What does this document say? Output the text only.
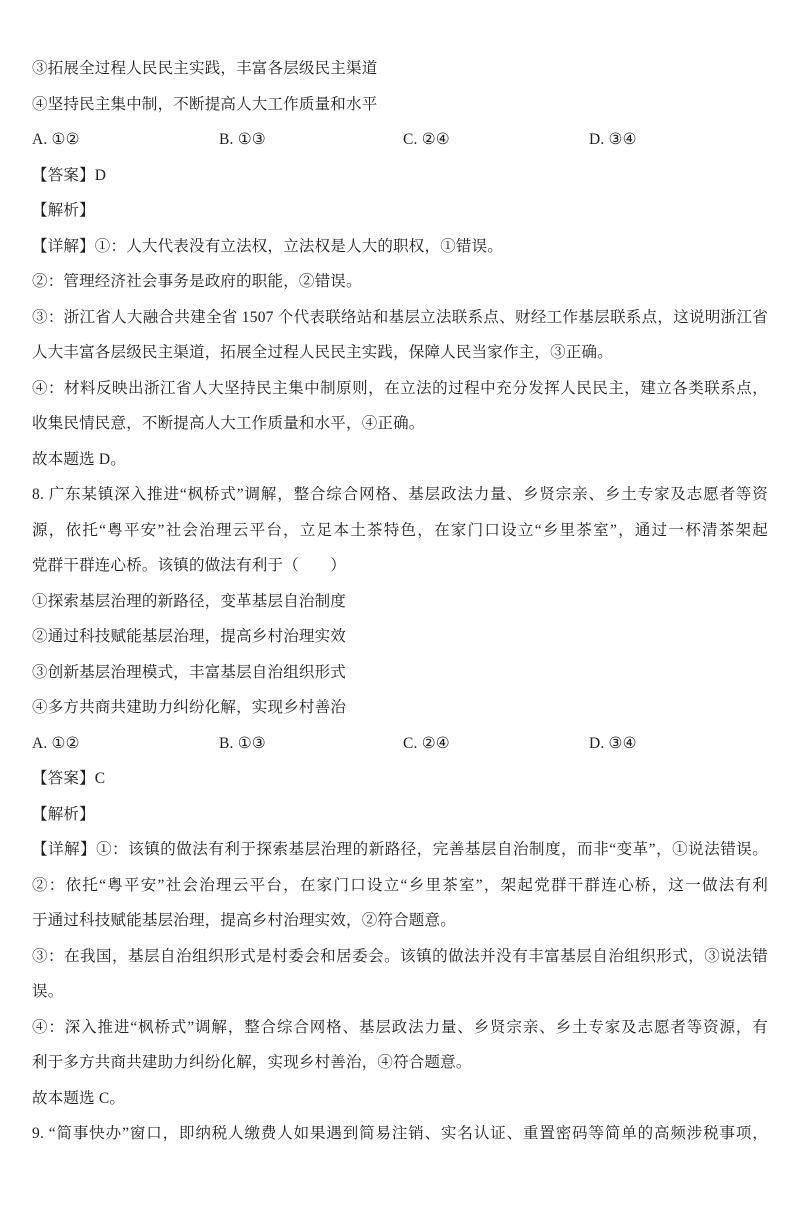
③拓展全过程人民民主实践，丰富各层级民主渠道
④坚持民主集中制，不断提高人大工作质量和水平
A. ①②	B. ①③	C. ②④	D. ③④
【答案】D
【解析】
【详解】①：人大代表没有立法权，立法权是人大的职权，①错误。
②：管理经济社会事务是政府的职能，②错误。
③：浙江省人大融合共建全省 1507 个代表联络站和基层立法联系点、财经工作基层联系点，这说明浙江省
人大丰富各层级民主渠道，拓展全过程人民民主实践，保障人民当家作主，③正确。
④：材料反映出浙江省人大坚持民主集中制原则，在立法的过程中充分发挥人民民主，建立各类联系点，
收集民情民意，不断提高人大工作质量和水平，④正确。
故本题选 D。
8. 广东某镇深入推进“枫桥式”调解，整合综合网格、基层政法力量、乡贤宗亲、乡土专家及志愿者等资
源，依托“粤平安”社会治理云平台，立足本土茶特色，在家门口设立“乡里茶室”，通过一杯清茶架起
党群干群连心桥。该镇的做法有利于（　　）
①探索基层治理的新路径，变革基层自治制度
②通过科技赋能基层治理，提高乡村治理实效
③创新基层治理模式，丰富基层自治组织形式
④多方共商共建助力纠纷化解，实现乡村善治
A. ①②	B. ①③	C. ②④	D. ③④
【答案】C
【解析】
【详解】①：该镇的做法有利于探索基层治理的新路径，完善基层自治制度，而非“变革”，①说法错误。
②：依托“粤平安”社会治理云平台，在家门口设立“乡里茶室”，架起党群干群连心桥，这一做法有利
于通过科技赋能基层治理，提高乡村治理实效，②符合题意。
③：在我国，基层自治组织形式是村委会和居委会。该镇的做法并没有丰富基层自治组织形式，③说法错
误。
④：深入推进“枫桥式”调解，整合综合网格、基层政法力量、乡贤宗亲、乡土专家及志愿者等资源，有
利于多方共商共建助力纠纷化解，实现乡村善治，④符合题意。
故本题选 C。
9. “简事快办”窗口，即纳税人缴费人如果遇到简易注销、实名认证、重置密码等简单的高频涉税事项，
